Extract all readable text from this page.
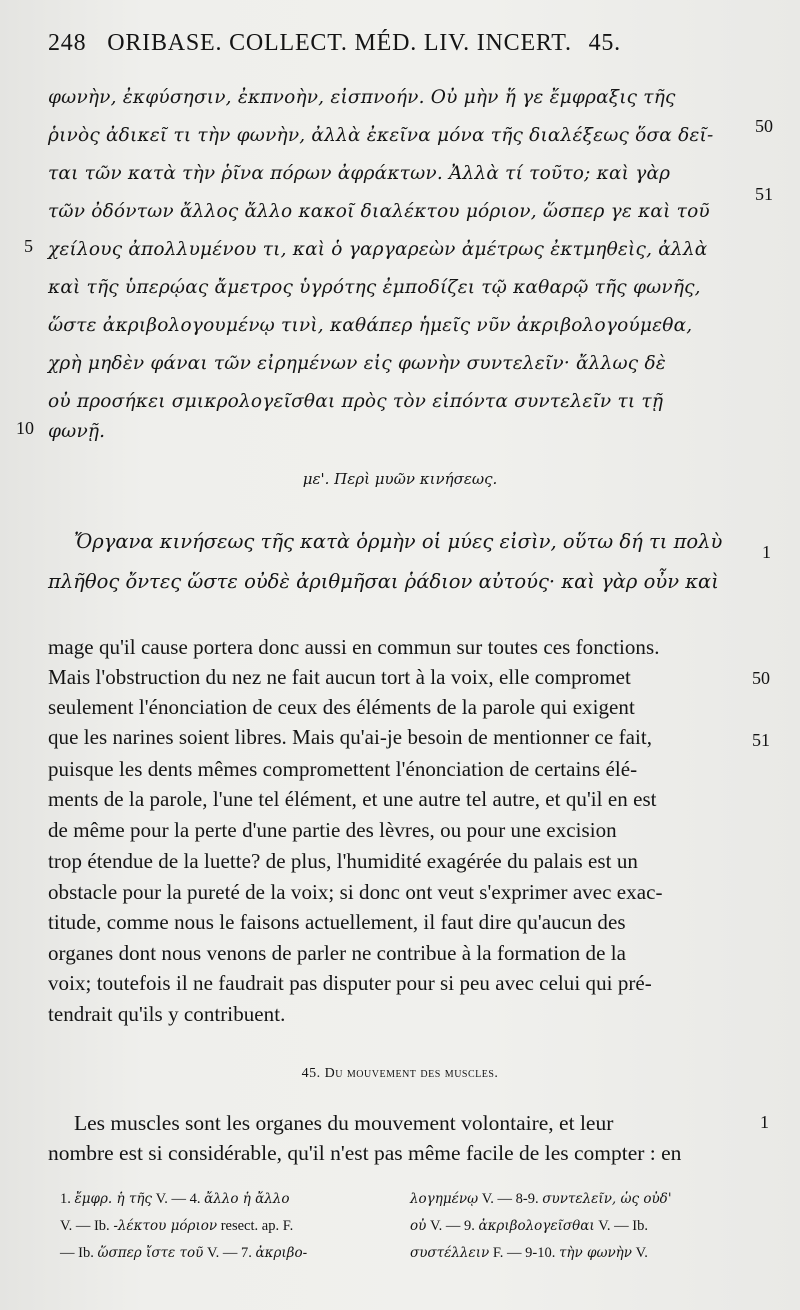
248 ORIBASE. COLLECT. MÉD. LIV. INCERT. 45.
φωνὴν, ἐκφύσησιν, ἐκπνοὴν, εἰσπνοήν. Οὐ μὴν ἥ γε ἔμφραξις τῆς
ῥινὸς ἀδικεῖ τι τὴν φωνὴν, ἀλλὰ ἐκεῖνα μόνα τῆς διαλέξεως ὅσα δεῖ-
ται τῶν κατὰ τὴν ῥῖνα πόρων ἀφράκτων. Ἀλλὰ τί τοῦτο; καὶ γὰρ
τῶν ὀδόντων ἄλλος ἄλλο κακοῖ διαλέκτου μόριον, ὥσπερ γε καὶ τοῦ
χείλους ἀπολλυμένου τι, καὶ ὁ γαργαρεὼν ἀμέτρως ἐκτμηθεὶς, ἀλλὰ
καὶ τῆς ὑπερῴας ἄμετρος ὑγρότης ἐμποδίζει τῷ καθαρῷ τῆς φωνῆς,
ὥστε ἀκριβολογουμένῳ τινὶ, καθάπερ ἡμεῖς νῦν ἀκριβολογούμεθα,
χρὴ μηδὲν φάναι τῶν εἰρημένων εἰς φωνὴν συντελεῖν· ἄλλως δὲ
οὐ προσήκει σμικρολογεῖσθαι πρὸς τὸν εἰπόντα συντελεῖν τι τῇ
φωνῇ.
50
51
5
10
με'. Περὶ μυῶν κινήσεως.
Ὄργανα κινήσεως τῆς κατὰ ὁρμὴν οἱ μύες εἰσὶν, οὕτω δή τι πολὺ
πλῆθος ὄντες ὥστε οὐδὲ ἀριθμῆσαι ῥάδιον αὐτούς· καὶ γὰρ οὖν καὶ
1
mage qu'il cause portera donc aussi en commun sur toutes ces fonctions.
Mais l'obstruction du nez ne fait aucun tort à la voix, elle compromet
seulement l'énonciation de ceux des éléments de la parole qui exigent
que les narines soient libres. Mais qu'ai-je besoin de mentionner ce fait,
puisque les dents mêmes compromettent l'énonciation de certains élé-
ments de la parole, l'une tel élément, et une autre tel autre, et qu'il en est
de même pour la perte d'une partie des lèvres, ou pour une excision
trop étendue de la luette? de plus, l'humidité exagérée du palais est un
obstacle pour la pureté de la voix; si donc ont veut s'exprimer avec exac-
titude, comme nous le faisons actuellement, il faut dire qu'aucun des
organes dont nous venons de parler ne contribue à la formation de la
voix; toutefois il ne faudrait pas disputer pour si peu avec celui qui pré-
tendrait qu'ils y contribuent.
50
51
45. Du mouvement des muscles.
Les muscles sont les organes du mouvement volontaire, et leur
nombre est si considérable, qu'il n'est pas même facile de les compter : en
1
1. ἔμφρ. ἡ τῆς V. — 4. ἄλλο ἡ ἄλλο
V. — Ib. -λέκτου μόριον resect. ap. F.
— Ib. ὥσπερ ἴστε τοῦ V. — 7. ἀκριβο-
λογημένῳ V. — 8-9. συντελεῖν, ὡς οὐδ'
οὐ V. — 9. ἀκριβολογεῖσθαι V. — Ib.
συστέλλειν F. — 9-10. τὴν φωνὴν V.
